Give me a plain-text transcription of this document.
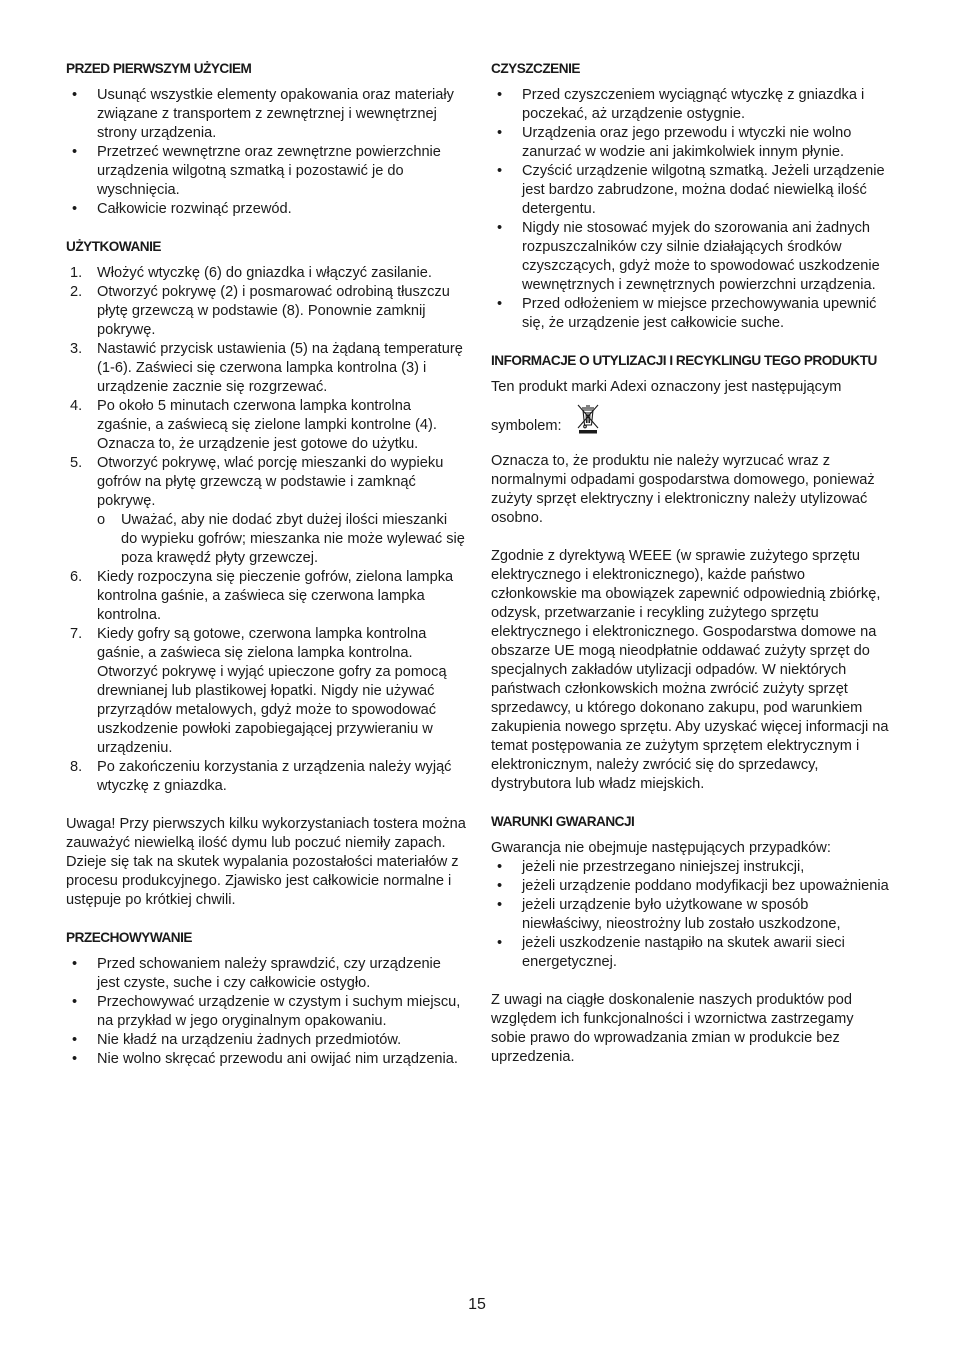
PRZED PIERWSZYM UŻYCIEM
• Usunąć wszystkie elementy opakowania oraz materiały związane z transportem z zewnętrznej i wewnętrznej strony urządzenia.
• Przetrzeć wewnętrzne oraz zewnętrzne powierzchnie urządzenia wilgotną szmatką i pozostawić je do wyschnięcia.
• Całkowicie rozwinąć przewód.
UŻYTKOWANIE
1. Włożyć wtyczkę (6) do gniazdka i włączyć zasilanie.
2. Otworzyć pokrywę (2) i posmarować odrobiną tłuszczu płytę grzewczą w podstawie (8). Ponownie zamknij pokrywę.
3. Nastawić przycisk ustawienia (5) na żądaną temperaturę (1-6). Zaświeci się czerwona lampka kontrolna (3) i urządzenie zacznie się rozgrzewać.
4. Po około 5 minutach czerwona lampka kontrolna zgaśnie, a zaświecą się zielone lampki kontrolne (4). Oznacza to, że urządzenie jest gotowe do użytku.
5. Otworzyć pokrywę, wlać porcję mieszanki do wypieku gofrów na płytę grzewczą w podstawie i zamknąć pokrywę.
o Uważać, aby nie dodać zbyt dużej ilości mieszanki do wypieku gofrów; mieszanka nie może wylewać się poza krawędź płyty grzewczej.
6. Kiedy rozpoczyna się pieczenie gofrów, zielona lampka kontrolna gaśnie, a zaświeca się czerwona lampka kontrolna.
7. Kiedy gofry są gotowe, czerwona lampka kontrolna gaśnie, a zaświeca się zielona lampka kontrolna. Otworzyć pokrywę i wyjąć upieczone gofry za pomocą drewnianej lub plastikowej łopatki. Nigdy nie używać przyrządów metalowych, gdyż może to spowodować uszkodzenie powłoki zapobiegającej przywieraniu w urządzeniu.
8. Po zakończeniu korzystania z urządzenia należy wyjąć wtyczkę z gniazdka.

Uwaga! Przy pierwszych kilku wykorzystaniach tostera można zauważyć niewielką ilość dymu lub poczuć niemiły zapach. Dzieje się tak na skutek wypalania pozostałości materiałów z procesu produkcyjnego. Zjawisko jest całkowicie normalne i ustępuje po krótkiej chwili.

PRZECHOWYWANIE
• Przed schowaniem należy sprawdzić, czy urządzenie jest czyste, suche i czy całkowicie ostygło.
• Przechowywać urządzenie w czystym i suchym miejscu, na przykład w jego oryginalnym opakowaniu.
• Nie kładź na urządzeniu żadnych przedmiotów.
• Nie wolno skręcać przewodu ani owijać nim urządzenia.
CZYSZCZENIE
• Przed czyszczeniem wyciągnąć wtyczkę z gniazdka i poczekać, aż urządzenie ostygnie.
• Urządzenia oraz jego przewodu i wtyczki nie wolno zanurzać w wodzie ani jakimkolwiek innym płynie.
• Czyścić urządzenie wilgotną szmatką. Jeżeli urządzenie jest bardzo zabrudzone, można dodać niewielką ilość detergentu.
• Nigdy nie stosować myjek do szorowania ani żadnych rozpuszczalników czy silnie działających środków czyszczących, gdyż może to spowodować uszkodzenie wewnętrznych i zewnętrznych powierzchni urządzenia.
• Przed odłożeniem w miejsce przechowywania upewnić się, że urządzenie jest całkowicie suche.
INFORMACJE O UTYLIZACJI I RECYKLINGU TEGO PRODUKTU

Ten produkt marki Adexi oznaczony jest następującym

symbolem:

Oznacza to, że produktu nie należy wyrzucać wraz z normalnymi odpadami gospodarstwa domowego, ponieważ zużyty sprzęt elektryczny i elektroniczny należy utylizować osobno.

Zgodnie z dyrektywą WEEE (w sprawie zużytego sprzętu elektrycznego i elektronicznego), każde państwo członkowskie ma obowiązek zapewnić odpowiednią zbiórkę, odzysk, przetwarzanie i recykling zużytego sprzętu elektrycznego i elektronicznego. Gospodarstwa domowe na obszarze UE mogą nieodpłatnie oddawać zużyty sprzęt do specjalnych zakładów utylizacji odpadów. W niektórych państwach członkowskich można zwrócić zużyty sprzęt sprzedawcy, u którego dokonano zakupu, pod warunkiem zakupienia nowego sprzętu. Aby uzyskać więcej informacji na temat postępowania ze zużytym sprzętem elektrycznym i elektronicznym, należy zwrócić się do sprzedawcy, dystrybutora lub władz miejskich.

WARUNKI GWARANCJI

Gwarancja nie obejmuje następujących przypadków:

• jeżeli nie przestrzegano niniejszej instrukcji,
• jeżeli urządzenie poddano modyfikacji bez upoważnienia
• jeżeli urządzenie było użytkowane w sposób niewłaściwy, nieostrożny lub zostało uszkodzone,
• jeżeli uszkodzenie nastąpiło na skutek awarii sieci energetycznej.

Z uwagi na ciągłe doskonalenie naszych produktów pod względem ich funkcjonalności i wzornictwa zastrzegamy sobie prawo do wprowadzania zmian w produkcie bez uprzedzenia.

15
